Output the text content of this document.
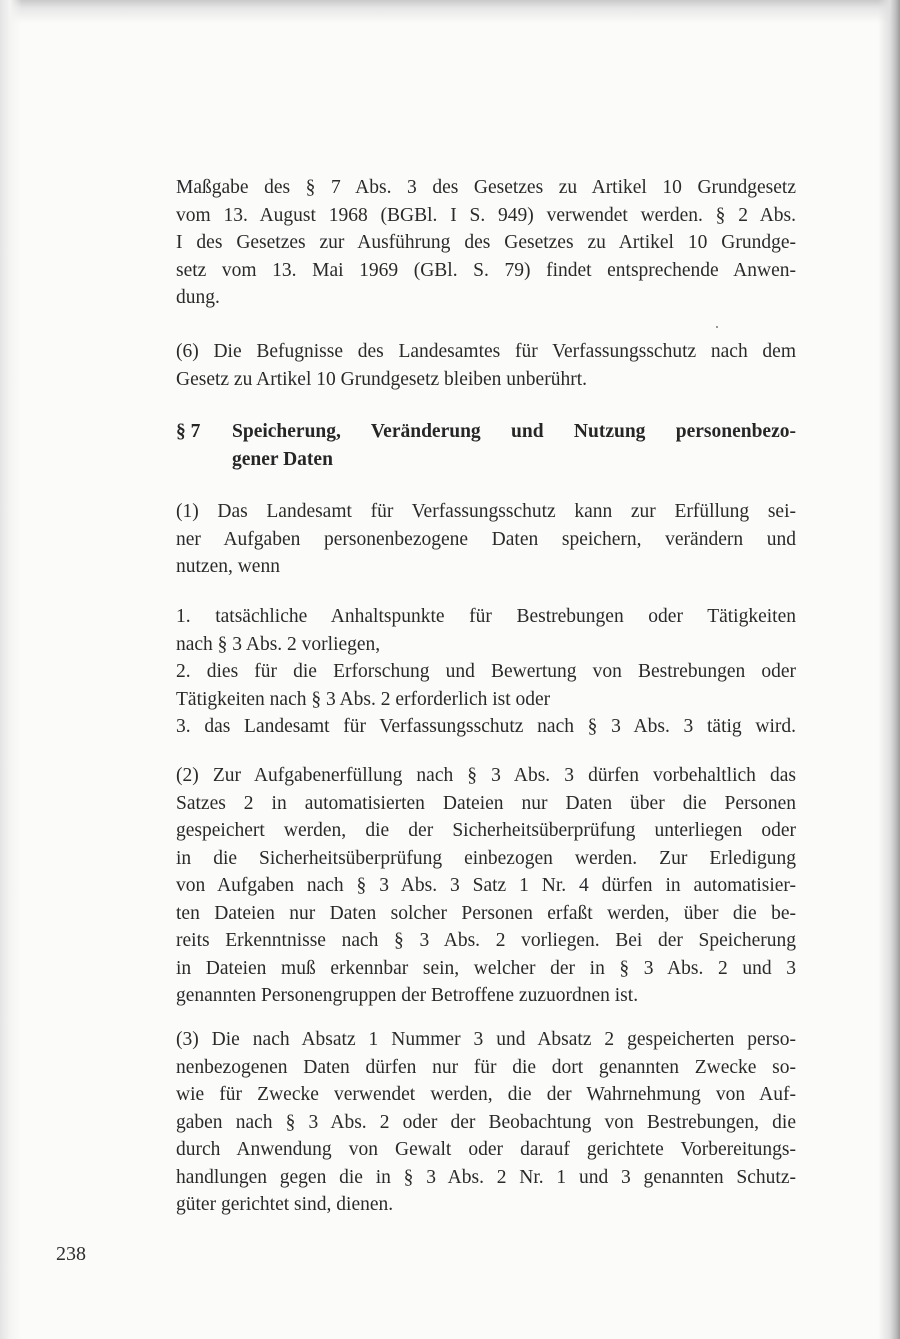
Maßgabe des § 7 Abs. 3 des Gesetzes zu Artikel 10 Grundgesetz
vom 13. August 1968 (BGBl. I S. 949) verwendet werden. § 2 Abs.
I des Gesetzes zur Ausführung des Gesetzes zu Artikel 10 Grundge-
setz vom 13. Mai 1969 (GBl. S. 79) findet entsprechende Anwen-
dung.
(6) Die Befugnisse des Landesamtes für Verfassungsschutz nach dem
Gesetz zu Artikel 10 Grundgesetz bleiben unberührt.
§ 7 Speicherung, Veränderung und Nutzung personenbezo-
gener Daten
(1) Das Landesamt für Verfassungsschutz kann zur Erfüllung sei-
ner Aufgaben personenbezogene Daten speichern, verändern und
nutzen, wenn
1. tatsächliche Anhaltspunkte für Bestrebungen oder Tätigkeiten
nach § 3 Abs. 2 vorliegen,
2. dies für die Erforschung und Bewertung von Bestrebungen oder
Tätigkeiten nach § 3 Abs. 2 erforderlich ist oder
3. das Landesamt für Verfassungsschutz nach § 3 Abs. 3 tätig wird.
(2) Zur Aufgabenerfüllung nach § 3 Abs. 3 dürfen vorbehaltlich das
Satzes 2 in automatisierten Dateien nur Daten über die Personen
gespeichert werden, die der Sicherheitsüberprüfung unterliegen oder
in die Sicherheitsüberprüfung einbezogen werden. Zur Erledigung
von Aufgaben nach § 3 Abs. 3 Satz 1 Nr. 4 dürfen in automatisier-
ten Dateien nur Daten solcher Personen erfaßt werden, über die be-
reits Erkenntnisse nach § 3 Abs. 2 vorliegen. Bei der Speicherung
in Dateien muß erkennbar sein, welcher der in § 3 Abs. 2 und 3
genannten Personengruppen der Betroffene zuzuordnen ist.
(3) Die nach Absatz 1 Nummer 3 und Absatz 2 gespeicherten perso-
nenbezogenen Daten dürfen nur für die dort genannten Zwecke so-
wie für Zwecke verwendet werden, die der Wahrnehmung von Auf-
gaben nach § 3 Abs. 2 oder der Beobachtung von Bestrebungen, die
durch Anwendung von Gewalt oder darauf gerichtete Vorbereitungs-
handlungen gegen die in § 3 Abs. 2 Nr. 1 und 3 genannten Schutz-
güter gerichtet sind, dienen.
238
